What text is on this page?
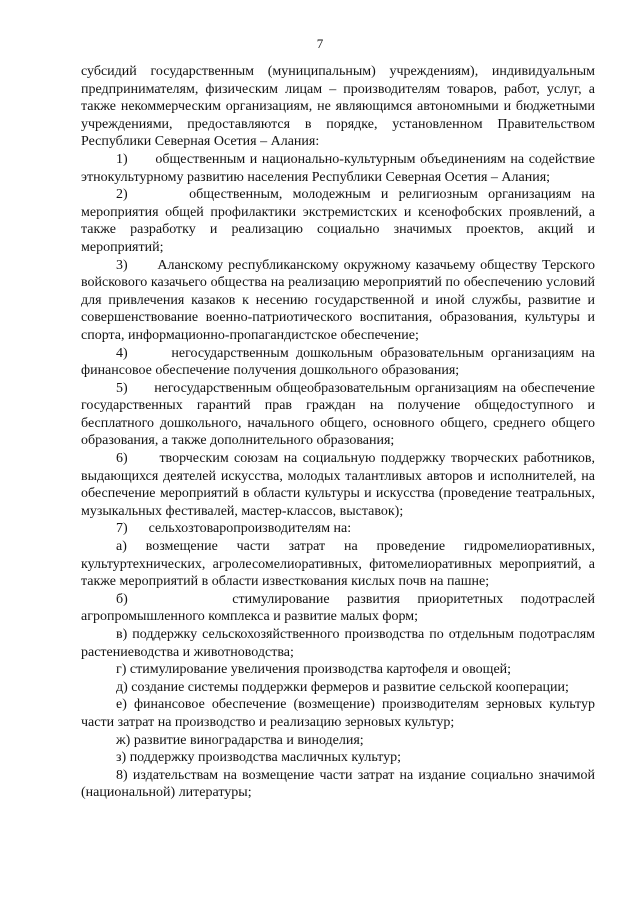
7

субсидий государственным (муниципальным) учреждениям), индивидуальным предпринимателям, физическим лицам – производителям товаров, работ, услуг, а также некоммерческим организациям, не являющимся автономными и бюджетными учреждениями, предоставляются в порядке, установленном Правительством Республики Северная Осетия – Алания:

1)      общественным и национально-культурным объединениям на содействие этнокультурному развитию населения Республики Северная Осетия – Алания;

2)      общественным, молодежным и религиозным организациям на мероприятия общей профилактики экстремистских и ксенофобских проявлений, а также разработку и реализацию социально значимых проектов, акций и мероприятий;

3)      Аланскому республиканскому окружному казачьему обществу Терского войскового казачьего общества на реализацию мероприятий по обеспечению условий для привлечения казаков к несению государственной и иной службы, развитие и совершенствование военно-патриотического воспитания, образования, культуры и спорта, информационно-пропагандистское обеспечение;

4)      негосударственным дошкольным образовательным организациям на финансовое обеспечение получения дошкольного образования;

5)      негосударственным общеобразовательным организациям на обеспечение государственных гарантий прав граждан на получение общедоступного и бесплатного дошкольного, начального общего, основного общего, среднего общего образования, а также дополнительного образования;

6)      творческим союзам на социальную поддержку творческих работников, выдающихся деятелей искусства, молодых талантливых авторов и исполнителей, на обеспечение мероприятий в области культуры и искусства (проведение театральных, музыкальных фестивалей, мастер-классов, выставок);

7)      сельхозтоваропроизводителям на:

а) возмещение части затрат на проведение гидромелиоративных, культуртехнических, агролесомелиоративных, фитомелиоративных мероприятий, а также мероприятий в области известкования кислых почв на пашне;

б)      стимулирование развития приоритетных подотраслей агропромышленного комплекса и развитие малых форм;

в) поддержку сельскохозяйственного производства по отдельным подотраслям растениеводства и животноводства;

г) стимулирование увеличения производства картофеля и овощей;

д) создание системы поддержки фермеров и развитие сельской кооперации;

е) финансовое обеспечение (возмещение) производителям зерновых культур части затрат на производство и реализацию зерновых культур;

ж) развитие виноградарства и виноделия;

з) поддержку производства масличных культур;

8) издательствам на возмещение части затрат на издание социально значимой (национальной) литературы;
